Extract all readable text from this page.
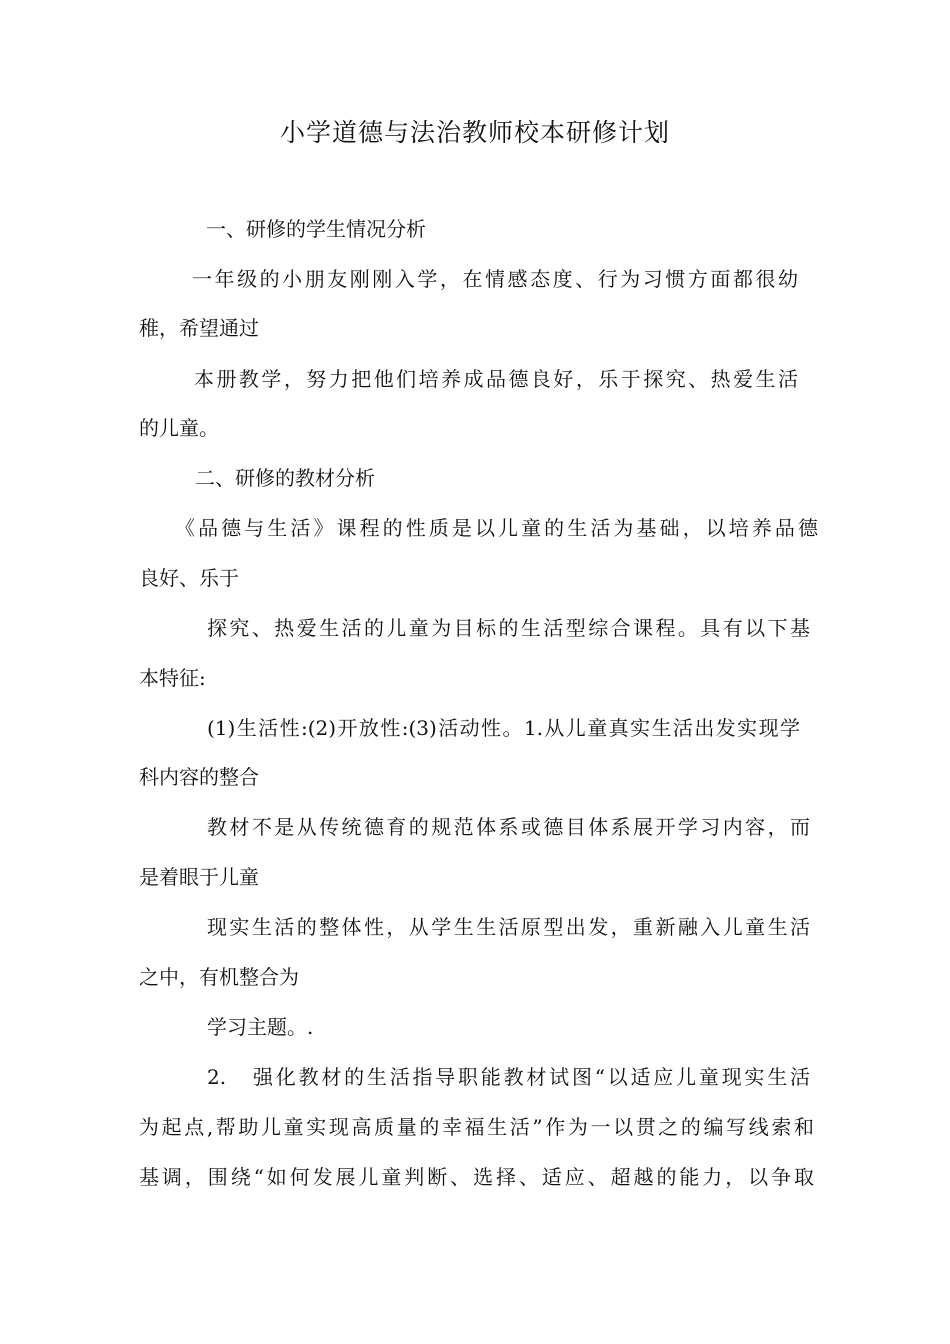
小学道德与法治教师校本研修计划
一、研修的学生情况分析
一年级的小朋友刚刚入学，在情感态度、行为习惯方面都很幼
稚，希望通过
本册教学，努力把他们培养成品德良好，乐于探究、热爱生活
的儿童。
二、研修的教材分析
《品德与生活》课程的性质是以儿童的生活为基础，以培养品德
良好、乐于
探究、热爱生活的儿童为目标的生活型综合课程。具有以下基
本特征:
(1)生活性:(2)开放性:(3)活动性。1.从儿童真实生活出发实现学
科内容的整合
教材不是从传统德育的规范体系或德目体系展开学习内容，而
是着眼于儿童
现实生活的整体性，从学生生活原型出发，重新融入儿童生活
之中，有机整合为
学习主题。.
2. 强化教材的生活指导职能教材试图“以适应儿童现实生活
为起点,帮助儿童实现高质量的幸福生活”作为一以贯之的编写线索和
基调，围绕“如何发展儿童判断、选择、适应、超越的能力，以争取
